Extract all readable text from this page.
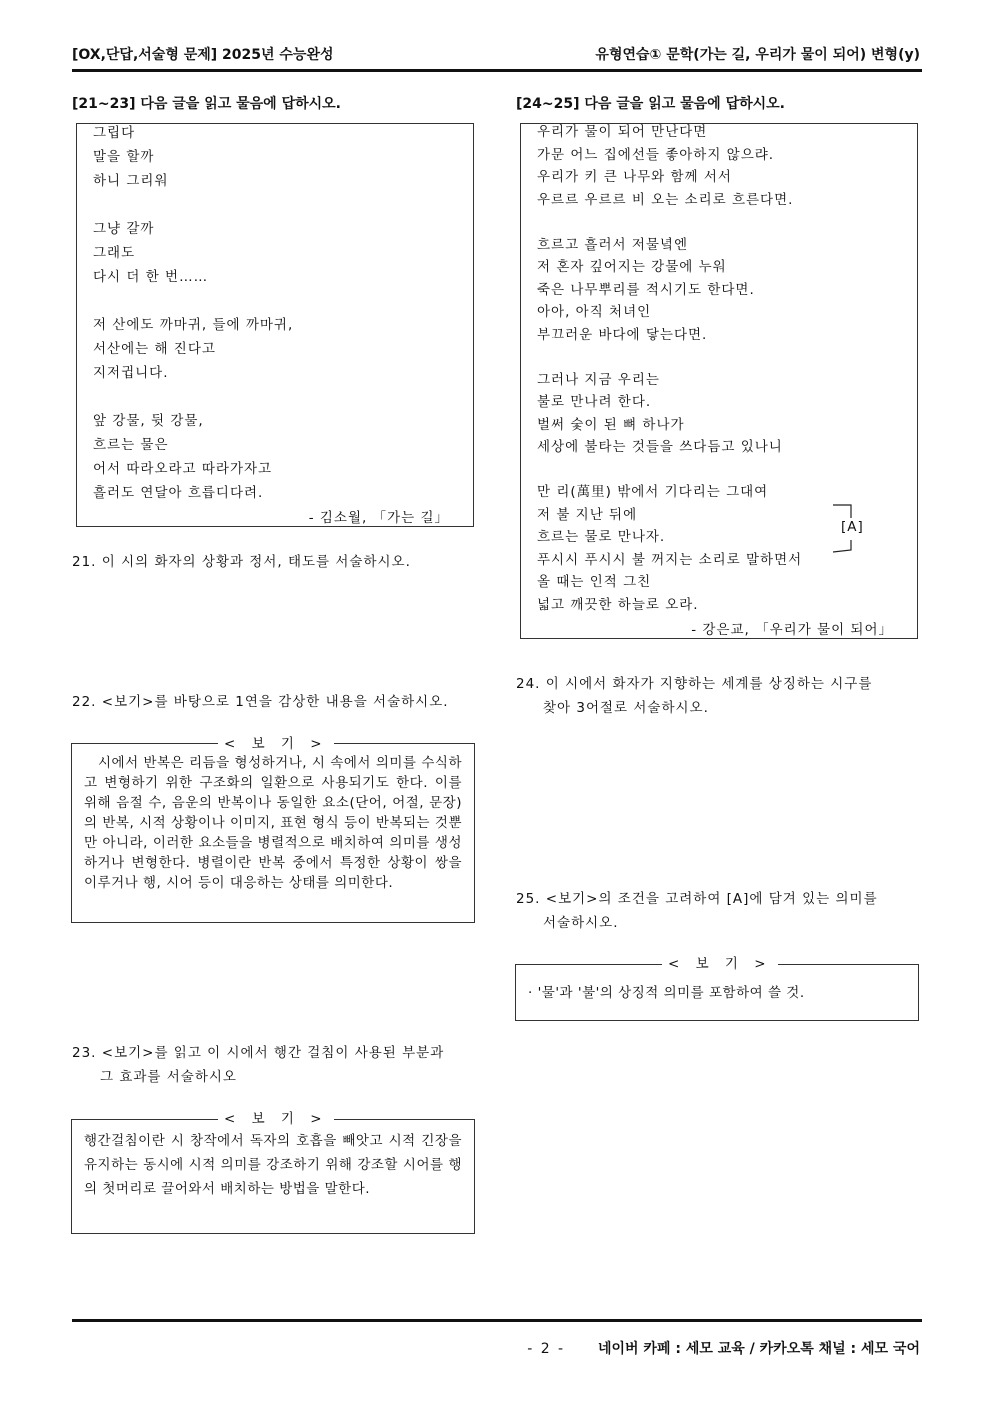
[OX,단답,서술형 문제] 2025년 수능완성	유형연습① 문학(가는 길, 우리가 물이 되어) 변형(y)
[21~23] 다음 글을 읽고 물음에 답하시오.
그립다
말을 할까
하니 그리워
그냥 갈까
그래도
다시 더 한 번……
저 산에도 까마귀, 들에 까마귀,
서산에는 해 진다고
지저귑니다.
앞 강물, 뒷 강물,
흐르는 물은
어서 따라오라고 따라가자고
흘러도 연달아 흐릅디다려.
- 김소월, 「가는 길」
21. 이 시의 화자의 상황과 정서, 태도를 서술하시오.
22. <보기>를 바탕으로 1연을 감상한 내용을 서술하시오.
시에서 반복은 리듬을 형성하거나, 시 속에서 의미를 수식하고 변형하기 위한 구조화의 일환으로 사용되기도 한다. 이를 위해 음절 수, 음운의 반복이나 동일한 요소(단어, 어절, 문장)의 반복, 시적 상황이나 이미지, 표현 형식 등이 반복되는 것뿐만 아니라, 이러한 요소들을 병렬적으로 배치하여 의미를 생성하거나 변형한다. 병렬이란 반복 중에서 특정한 상황이 쌍을 이루거나 행, 시어 등이 대응하는 상태를 의미한다.
< 보 기 >
23. <보기>를 읽고 이 시에서 행간 걸침이 사용된 부분과
그 효과를 서술하시오
행간걸침이란 시 창작에서 독자의 호흡을 빼앗고 시적 긴장을 유지하는 동시에 시적 의미를 강조하기 위해 강조할 시어를 행의 첫머리로 끌어와서 배치하는 방법을 말한다.
< 보 기 >
[24~25] 다음 글을 읽고 물음에 답하시오.
우리가 물이 되어 만난다면
가문 어느 집에선들 좋아하지 않으랴.
우리가 키 큰 나무와 함께 서서
우르르 우르르 비 오는 소리로 흐른다면.
흐르고 흘러서 저물녘엔
저 혼자 깊어지는 강물에 누워
죽은 나무뿌리를 적시기도 한다면.
아아, 아직 처녀인
부끄러운 바다에 닿는다면.
그러나 지금 우리는
불로 만나려 한다.
벌써 숯이 된 뼈 하나가
세상에 불타는 것들을 쓰다듬고 있나니
만 리(萬里) 밖에서 기다리는 그대여
저 불 지난 뒤에
흐르는 물로 만나자.
푸시시 푸시시 불 꺼지는 소리로 말하면서
올 때는 인적 그친
넓고 깨끗한 하늘로 오라.
[A]
- 강은교, 「우리가 물이 되어」
24. 이 시에서 화자가 지향하는 세계를 상징하는 시구를
찾아 3어절로 서술하시오.
25. <보기>의 조건을 고려하여 [A]에 담겨 있는 의미를
서술하시오.
· '물'과 '불'의 상징적 의미를 포함하여 쓸 것.
< 보 기 >
- 2 - 네이버 카페 : 세모 교육 / 카카오톡 채널 : 세모 국어
